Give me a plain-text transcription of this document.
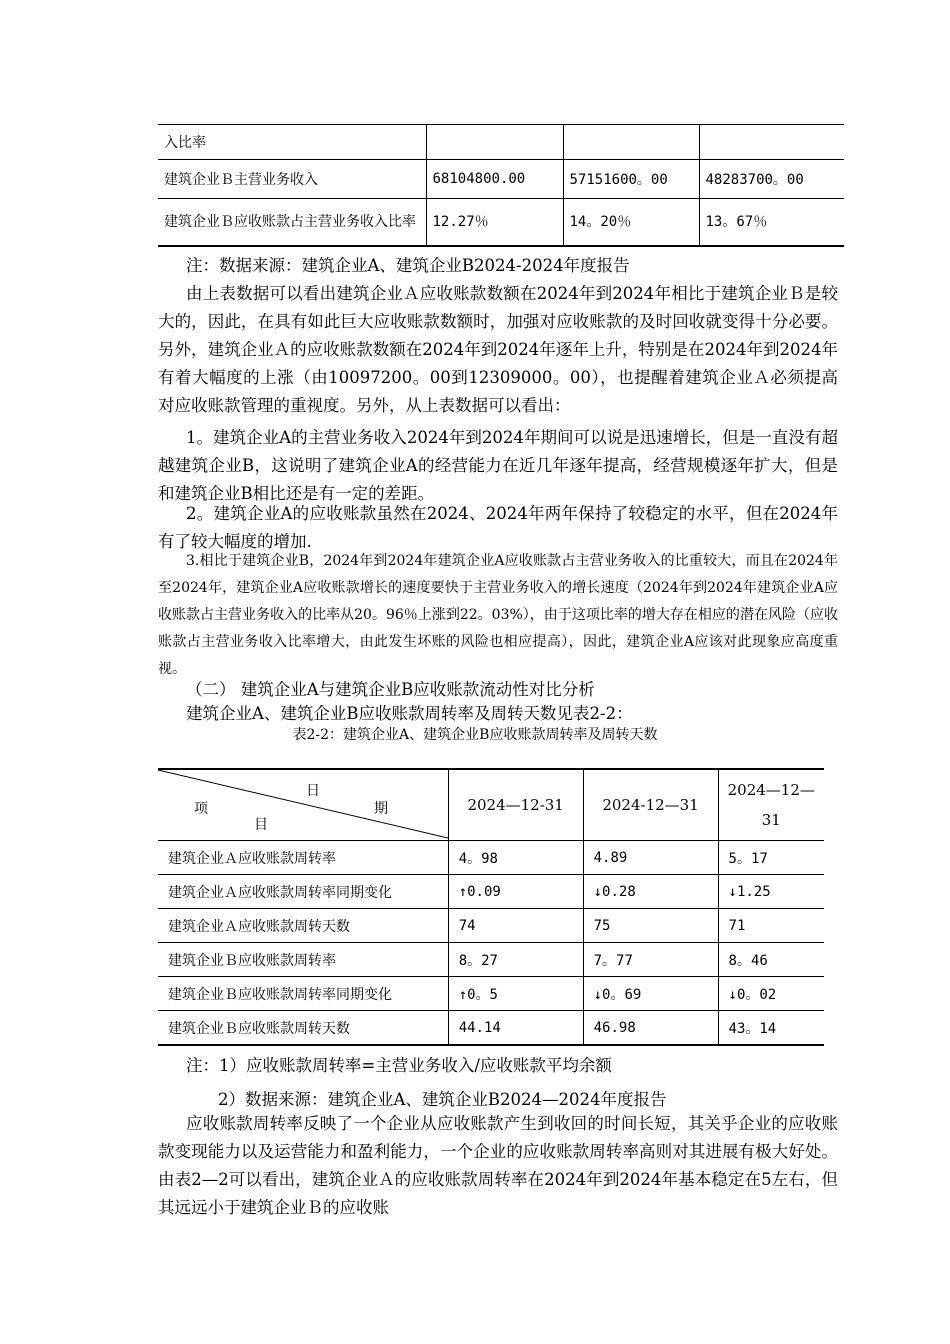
入比率			
建筑企业Ｂ主营业务收入	68104800.00	57151600。00	48283700。00
建筑企业Ｂ应收账款占主营业务收入比率	12.27％	14。20％	13。67％
注：数据来源：建筑企业A、建筑企业B2024-2024年度报告
由上表数据可以看出建筑企业Ａ应收账款数额在2024年到2024年相比于建筑企业Ｂ是较大的，因此，在具有如此巨大应收账款数额时，加强对应收账款的及时回收就变得十分必要。另外，建筑企业Ａ的应收账款数额在2024年到2024年逐年上升，特别是在2024年到2024年有着大幅度的上涨（由10097200。00到12309000。00），也提醒着建筑企业Ａ必须提高对应收账款管理的重视度。另外，从上表数据可以看出：
1。建筑企业A的主营业务收入2024年到2024年期间可以说是迅速增长，但是一直没有超越建筑企业B，这说明了建筑企业A的经营能力在近几年逐年提高，经营规模逐年扩大，但是和建筑企业B相比还是有一定的差距。
2。建筑企业A的应收账款虽然在2024、2024年两年保持了较稳定的水平，但在2024年有了较大幅度的增加.
3.相比于建筑企业B，2024年到2024年建筑企业A应收账款占主营业务收入的比重较大，而且在2024年至2024年，建筑企业A应收账款增长的速度要快于主营业务收入的增长速度（2024年到2024年建筑企业A应收账款占主营业务收入的比率从20。96％上涨到22。03%），由于这项比率的增大存在相应的潜在风险（应收账款占主营业务收入比率增大，由此发生坏账的风险也相应提高），因此，建筑企业A应该对此现象应高度重视。
（二） 建筑企业A与建筑企业B应收账款流动性对比分析
建筑企业A、建筑企业B应收账款周转率及周转天数见表2-2：
表2-2：建筑企业A、建筑企业B应收账款周转率及周转天数
日
期
项
目	2024—12-31	2024-12—31	2024—12—31
建筑企业Ａ应收账款周转率	4。98	4.89	5。17
建筑企业Ａ应收账款周转率同期变化	↑0.09	↓0.28	↓1.25
建筑企业Ａ应收账款周转天数	74	75	71
建筑企业Ｂ应收账款周转率	8。27	7。77	8。46
建筑企业Ｂ应收账款周转率同期变化	↑0。5	↓0。69	↓0。02
建筑企业Ｂ应收账款周转天数	44.14	46.98	43。14
注：1）应收账款周转率=主营业务收入/应收账款平均余额
2）数据来源：建筑企业A、建筑企业B2024—2024年度报告
应收账款周转率反映了一个企业从应收账款产生到收回的时间长短，其关乎企业的应收账款变现能力以及运营能力和盈利能力，一个企业的应收账款周转率高则对其进展有极大好处。由表2—2可以看出，建筑企业Ａ的应收账款周转率在2024年到2024年基本稳定在5左右，但其远远小于建筑企业Ｂ的应收账
